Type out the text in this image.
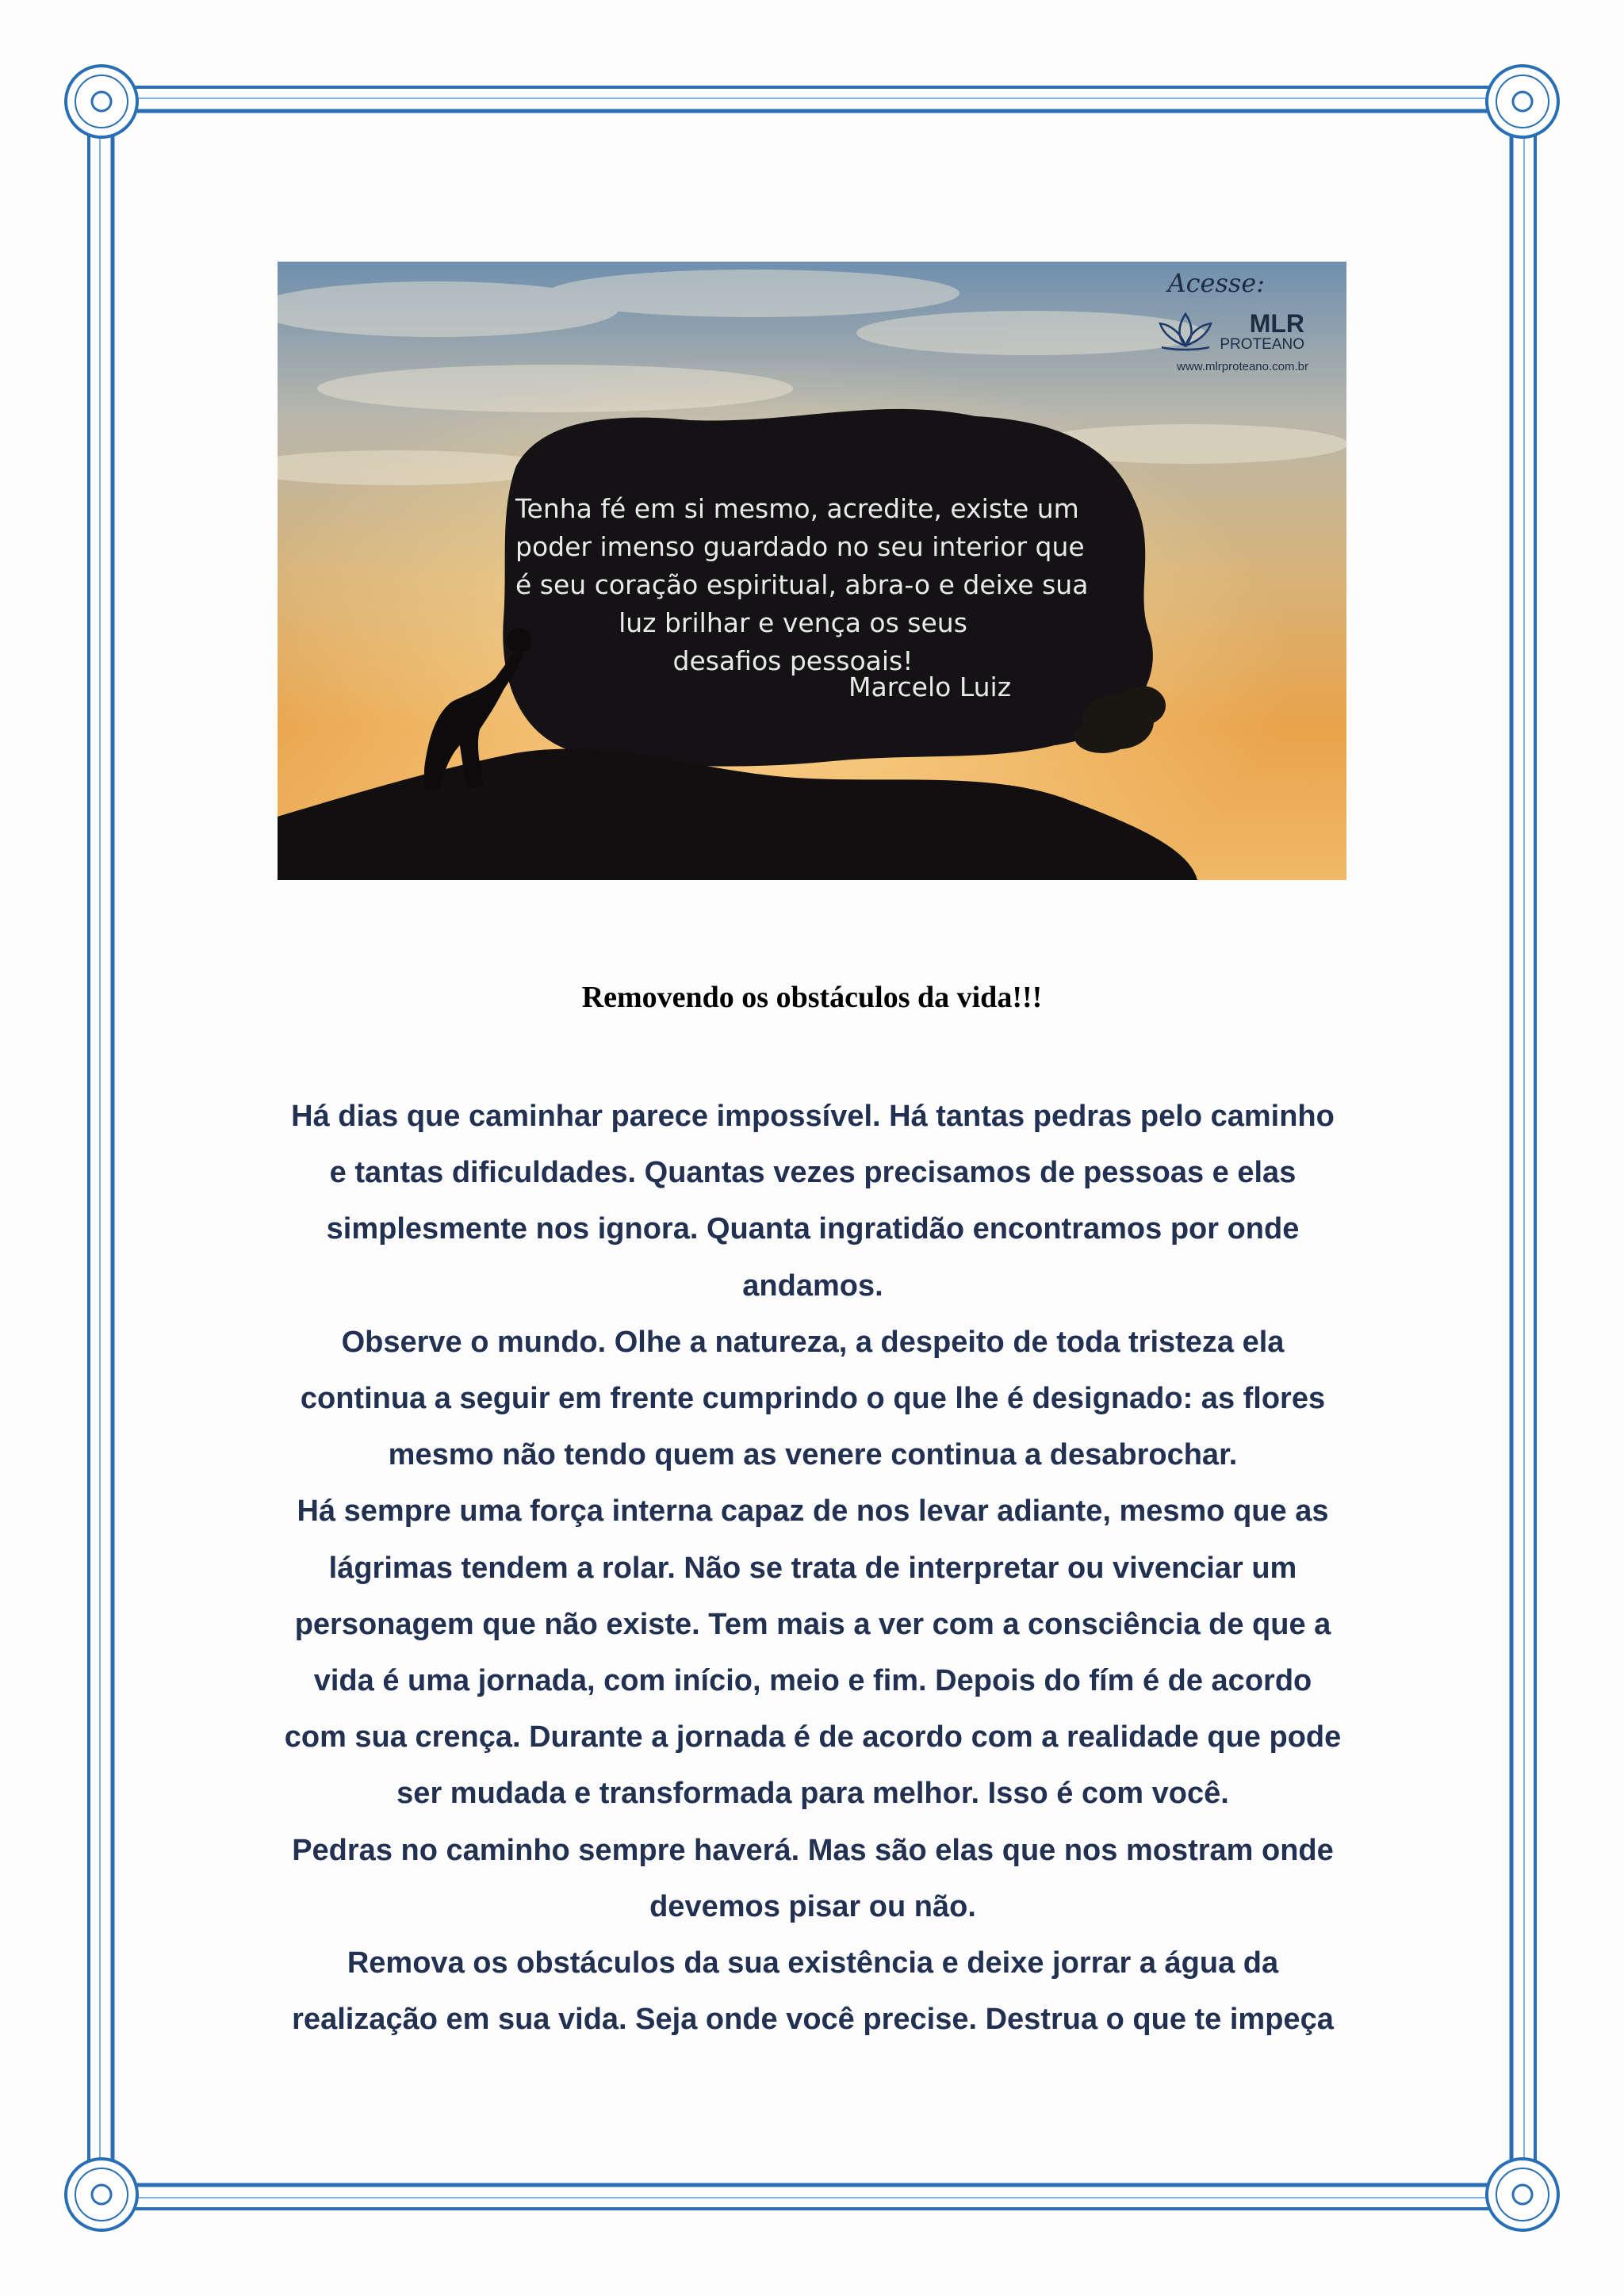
Acesse:
MLR
PROTEANO
www.mlrproteano.com.br
Tenha fé em si mesmo, acredite, existe um
poder imenso guardado no seu interior que
é seu coração espiritual, abra-o e deixe sua
luz brilhar e vença os seus
desafios pessoais!
Marcelo Luiz
Removendo os obstáculos da vida!!!
Há dias que caminhar parece impossível. Há tantas pedras pelo caminho
e tantas dificuldades. Quantas vezes precisamos de pessoas e elas
simplesmente nos ignora. Quanta ingratidão encontramos por onde
andamos.
Observe o mundo. Olhe a natureza, a despeito de toda tristeza ela
continua a seguir em frente cumprindo o que lhe é designado: as flores
mesmo não tendo quem as venere continua a desabrochar.
Há sempre uma força interna capaz de nos levar adiante, mesmo que as
lágrimas tendem a rolar. Não se trata de interpretar ou vivenciar um
personagem que não existe. Tem mais a ver com a consciência de que a
vida é uma jornada, com início, meio e fim. Depois do fím é de acordo
com sua crença. Durante a jornada é de acordo com a realidade que pode
ser mudada e transformada para melhor. Isso é com você.
Pedras no caminho sempre haverá. Mas são elas que nos mostram onde
devemos pisar ou não.
Remova os obstáculos da sua existência e deixe jorrar a água da
realização em sua vida. Seja onde você precise. Destrua o que te impeça
